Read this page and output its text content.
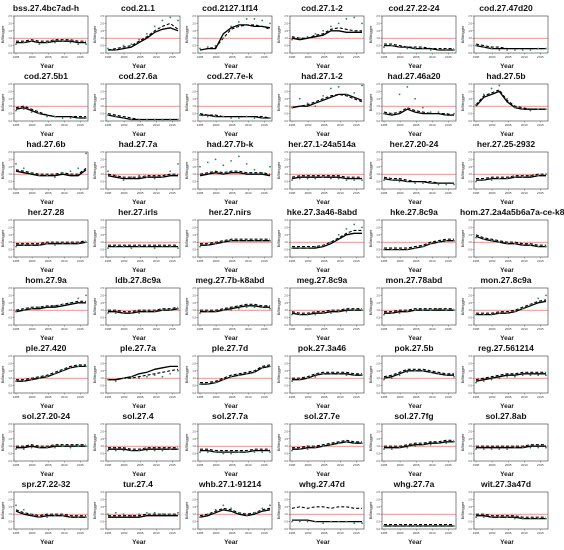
bss.27.4bc7ad-h
0.0
0.5
1.0
1.5
2.0
2.5
1995	2000	2005	2010	2015
B/Btrigger
Year
cod.21.1
0.0
0.5
1.0
1.5
2.0
2.5
1995	2000	2005	2010	2015
B/Btrigger
Year
cod.2127.1f14
0.0
0.5
1.0
1.5
2.0
2.5
1995	2000	2005	2010	2015
B/Btrigger
Year
cod.27.1-2
0.0
0.5
1.0
1.5
2.0
2.5
1995	2000	2005	2010	2015
B/Btrigger
Year
cod.27.22-24
0.0
0.5
1.0
1.5
2.0
2.5
1995	2000	2005	2010	2015
B/Btrigger
Year
cod.27.47d20
0.0
0.5
1.0
1.5
2.0
2.5
1995	2000	2005	2010	2015
B/Btrigger
Year
cod.27.5b1
0.0
0.5
1.0
1.5
2.0
2.5
1995	2000	2005	2010	2015
B/Btrigger
Year
cod.27.6a
0.0
0.5
1.0
1.5
2.0
2.5
1995	2000	2005	2010	2015
B/Btrigger
Year
cod.27.7e-k
0.0
0.5
1.0
1.5
2.0
2.5
1995	2000	2005	2010	2015
B/Btrigger
Year
had.27.1-2
0.0
0.5
1.0
1.5
2.0
2.5
1995	2000	2005	2010	2015
B/Btrigger
Year
had.27.46a20
0.0
0.5
1.0
1.5
2.0
2.5
1995	2000	2005	2010	2015
B/Btrigger
Year
had.27.5b
0.0
0.5
1.0
1.5
2.0
2.5
1995	2000	2005	2010	2015
B/Btrigger
Year
had.27.6b
0.0
0.5
1.0
1.5
2.0
2.5
1995	2000	2005	2010	2015
B/Btrigger
Year
had.27.7a
0.0
0.5
1.0
1.5
2.0
2.5
1995	2000	2005	2010	2015
B/Btrigger
Year
had.27.7b-k
0.0
0.5
1.0
1.5
2.0
2.5
1995	2000	2005	2010	2015
B/Btrigger
Year
her.27.1-24a514a
0.0
0.5
1.0
1.5
2.0
2.5
1995	2000	2005	2010	2015
B/Btrigger
Year
her.27.20-24
0.0
0.5
1.0
1.5
2.0
2.5
1995	2000	2005	2010	2015
B/Btrigger
Year
her.27.25-2932
0.0
0.5
1.0
1.5
2.0
2.5
1995	2000	2005	2010	2015
B/Btrigger
Year
her.27.28
0.0
0.5
1.0
1.5
2.0
2.5
1995	2000	2005	2010	2015
B/Btrigger
Year
her.27.irls
0.0
0.5
1.0
1.5
2.0
2.5
1995	2000	2005	2010	2015
B/Btrigger
Year
her.27.nirs
0.0
0.5
1.0
1.5
2.0
2.5
1995	2000	2005	2010	2015
B/Btrigger
Year
hke.27.3a46-8abd
0.0
0.5
1.0
1.5
2.0
2.5
1995	2000	2005	2010	2015
B/Btrigger
Year
hke.27.8c9a
0.0
0.5
1.0
1.5
2.0
2.5
1995	2000	2005	2010	2015
B/Btrigger
Year
hom.27.2a4a5b6a7a-ce-k8
0.0
0.5
1.0
1.5
2.0
2.5
1995	2000	2005	2010	2015
B/Btrigger
Year
hom.27.9a
0.0
0.5
1.0
1.5
2.0
2.5
1995	2000	2005	2010	2015
B/Btrigger
Year
ldb.27.8c9a
0.0
0.5
1.0
1.5
2.0
2.5
1995	2000	2005	2010	2015
B/Btrigger
Year
meg.27.7b-k8abd
0.0
0.5
1.0
1.5
2.0
2.5
1995	2000	2005	2010	2015
B/Btrigger
Year
meg.27.8c9a
0.0
0.5
1.0
1.5
2.0
2.5
1995	2000	2005	2010	2015
B/Btrigger
Year
mon.27.78abd
0.0
0.5
1.0
1.5
2.0
2.5
1995	2000	2005	2010	2015
B/Btrigger
Year
mon.27.8c9a
0.0
0.5
1.0
1.5
2.0
2.5
1995	2000	2005	2010	2015
B/Btrigger
Year
ple.27.420
0.0
0.5
1.0
1.5
2.0
2.5
1995	2000	2005	2010	2015
B/Btrigger
Year
ple.27.7a
0.0
0.5
1.0
1.5
2.0
2.5
1995	2000	2005	2010	2015
B/Btrigger
Year
ple.27.7d
0.0
0.5
1.0
1.5
2.0
2.5
1995	2000	2005	2010	2015
B/Btrigger
Year
pok.27.3a46
0.0
0.5
1.0
1.5
2.0
2.5
1995	2000	2005	2010	2015
B/Btrigger
Year
pok.27.5b
0.0
0.5
1.0
1.5
2.0
2.5
1995	2000	2005	2010	2015
B/Btrigger
Year
reg.27.561214
0.0
0.5
1.0
1.5
2.0
2.5
1995	2000	2005	2010	2015
B/Btrigger
Year
sol.27.20-24
0.0
0.5
1.0
1.5
2.0
2.5
1995	2000	2005	2010	2015
B/Btrigger
Year
sol.27.4
0.0
0.5
1.0
1.5
2.0
2.5
1995	2000	2005	2010	2015
B/Btrigger
Year
sol.27.7a
0.0
0.5
1.0
1.5
2.0
2.5
1995	2000	2005	2010	2015
B/Btrigger
Year
sol.27.7e
0.0
0.5
1.0
1.5
2.0
2.5
1995	2000	2005	2010	2015
B/Btrigger
Year
sol.27.7fg
0.0
0.5
1.0
1.5
2.0
2.5
1995	2000	2005	2010	2015
B/Btrigger
Year
sol.27.8ab
0.0
0.5
1.0
1.5
2.0
2.5
1995	2000	2005	2010	2015
B/Btrigger
Year
spr.27.22-32
0.0
0.5
1.0
1.5
2.0
2.5
1995	2000	2005	2010	2015
B/Btrigger
Year
tur.27.4
0.0
0.5
1.0
1.5
2.0
2.5
1995	2000	2005	2010	2015
B/Btrigger
Year
whb.27.1-91214
0.0
0.5
1.0
1.5
2.0
2.5
1995	2000	2005	2010	2015
B/Btrigger
Year
whg.27.47d
0.0
0.5
1.0
1.5
2.0
2.5
1995	2000	2005	2010	2015
B/Btrigger
Year
whg.27.7a
0.0
0.5
1.0
1.5
2.0
2.5
1995	2000	2005	2010	2015
B/Btrigger
Year
wit.27.3a47d
0.0
0.5
1.0
1.5
2.0
2.5
1995	2000	2005	2010	2015
B/Btrigger
Year
